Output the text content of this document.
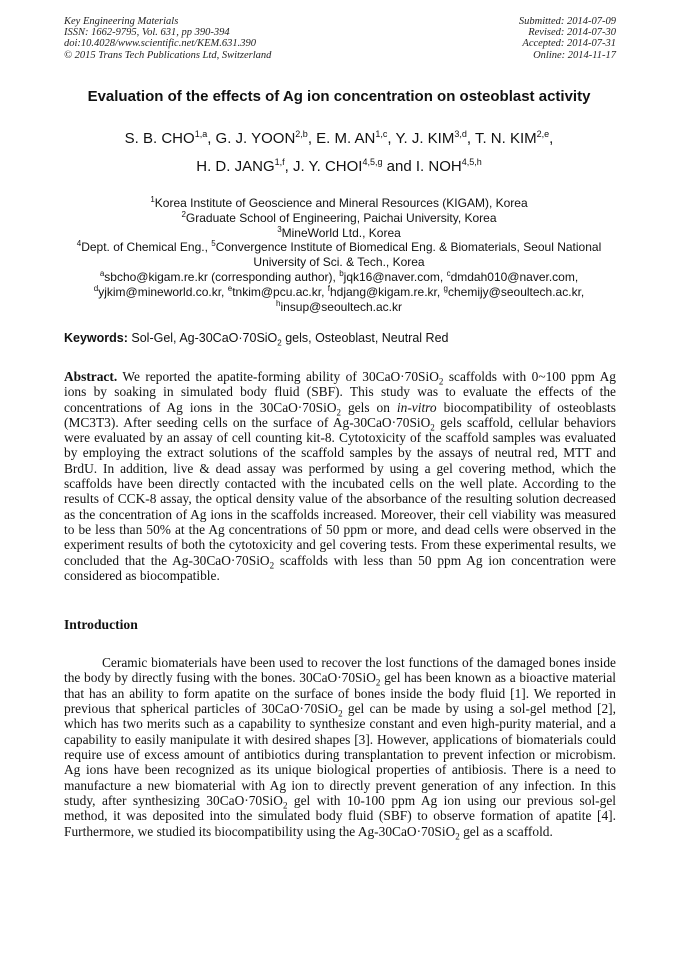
Key Engineering Materials
ISSN: 1662-9795, Vol. 631, pp 390-394
doi:10.4028/www.scientific.net/KEM.631.390
© 2015 Trans Tech Publications Ltd, Switzerland
Submitted: 2014-07-09
Revised: 2014-07-30
Accepted: 2014-07-31
Online: 2014-11-17
Evaluation of the effects of Ag ion concentration on osteoblast activity
S. B. CHO$^{1,a}$, G. J. YOON$^{2,b}$, E. M. AN$^{1,c}$, Y. J. KIM$^{3,d}$, T. N. KIM$^{2,e}$,
H. D. JANG$^{1,f}$, J. Y. CHOI$^{4,5,g}$ and I. NOH$^{4,5,h}$
$^1$Korea Institute of Geoscience and Mineral Resources (KIGAM), Korea
$^2$Graduate School of Engineering, Paichai University, Korea
$^3$MineWorld Ltd., Korea
$^4$Dept. of Chemical Eng., $^5$Convergence Institute of Biomedical Eng. & Biomaterials, Seoul National University of Sci. & Tech., Korea
$^a$sbcho@kigam.re.kr (corresponding author), $^b$jqk16@naver.com, $^c$dmdah010@naver.com,
$^d$yjkim@mineworld.co.kr, $^e$tnkim@pcu.ac.kr, $^f$hdjang@kigam.re.kr, $^g$chemijy@seoultech.ac.kr,
$^h$insup@seoultech.ac.kr
Keywords: Sol-Gel, Ag-30CaO·70SiO$_2$ gels, Osteoblast, Neutral Red
Abstract. We reported the apatite-forming ability of 30CaO·70SiO$_2$ scaffolds with 0~100 ppm Ag ions by soaking in simulated body fluid (SBF). This study was to evaluate the effects of the concentrations of Ag ions in the 30CaO·70SiO$_2$ gels on in-vitro biocompatibility of osteoblasts (MC3T3). After seeding cells on the surface of Ag-30CaO·70SiO$_2$ gels scaffold, cellular behaviors were evaluated by an assay of cell counting kit-8. Cytotoxicity of the scaffold samples was evaluated by employing the extract solutions of the scaffold samples by the assays of neutral red, MTT and BrdU. In addition, live & dead assay was performed by using a gel covering method, which the scaffolds have been directly contacted with the incubated cells on the well plate. According to the results of CCK-8 assay, the optical density value of the absorbance of the resulting solution decreased as the concentration of Ag ions in the scaffolds increased. Moreover, their cell viability was measured to be less than 50% at the Ag concentrations of 50 ppm or more, and dead cells were observed in the experiment results of both the cytotoxicity and gel covering tests. From these experimental results, we concluded that the Ag-30CaO·70SiO$_2$ scaffolds with less than 50 ppm Ag ion concentration were considered as biocompatible.
Introduction
Ceramic biomaterials have been used to recover the lost functions of the damaged bones inside the body by directly fusing with the bones. 30CaO·70SiO$_2$ gel has been known as a bioactive material that has an ability to form apatite on the surface of bones inside the body fluid [1]. We reported in previous that spherical particles of 30CaO·70SiO$_2$ gel can be made by using a sol-gel method [2], which has two merits such as a capability to synthesize constant and even high-purity material, and a capability to easily manipulate it with desired shapes [3]. However, applications of biomaterials could require use of excess amount of antibiotics during transplantation to prevent infection or microbism. Ag ions have been recognized as its unique biological properties of antibiosis. There is a need to manufacture a new biomaterial with Ag ion to directly prevent generation of any infection. In this study, after synthesizing 30CaO·70SiO$_2$ gel with 10-100 ppm Ag ion using our previous sol-gel method, it was deposited into the simulated body fluid (SBF) to observe formation of apatite [4]. Furthermore, we studied its biocompatibility using the Ag-30CaO·70SiO$_2$ gel as a scaffold.
